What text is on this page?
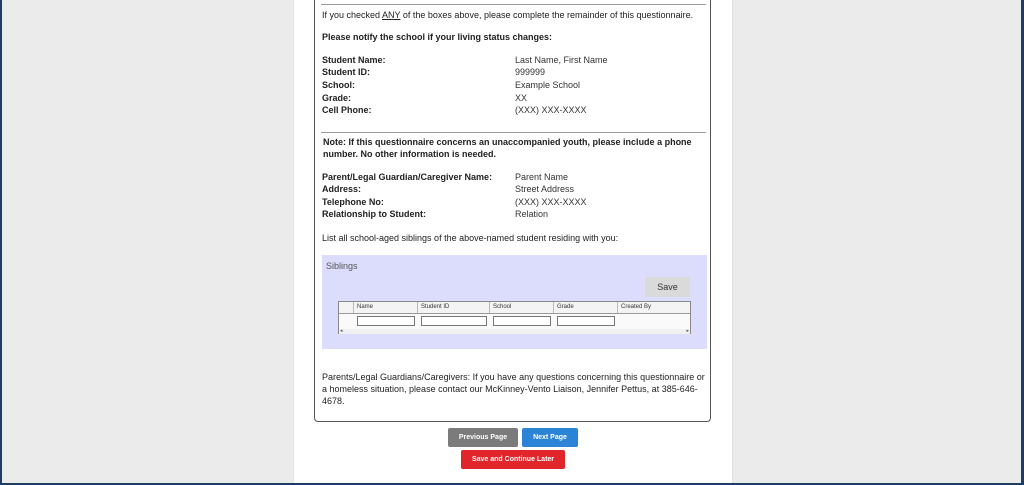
If you checked ANY of the boxes above, please complete the remainder of this questionnaire.
Please notify the school if your living status changes:
Student Name:	Last Name, First Name
Student ID:	999999
School:	Example School
Grade:	XX
Cell Phone:	(XXX) XXX-XXXX
Note: If this questionnaire concerns an unaccompanied youth, please include a phone number. No other information is needed.
Parent/Legal Guardian/Caregiver Name:	Parent Name
Address:	Street Address
Telephone No:	(XXX) XXX-XXXX
Relationship to Student:	Relation
List all school-aged siblings of the above-named student residing with you:
Siblings
Save
Name	Student ID	School	Grade	Created By
◂	▸
Parents/Legal Guardians/Caregivers: If you have any questions concerning this questionnaire or a homeless situation, please contact our McKinney-Vento Liaison, Jennifer Pettus, at 385-646-4678.
Previous Page	Next Page
Save and Continue Later
